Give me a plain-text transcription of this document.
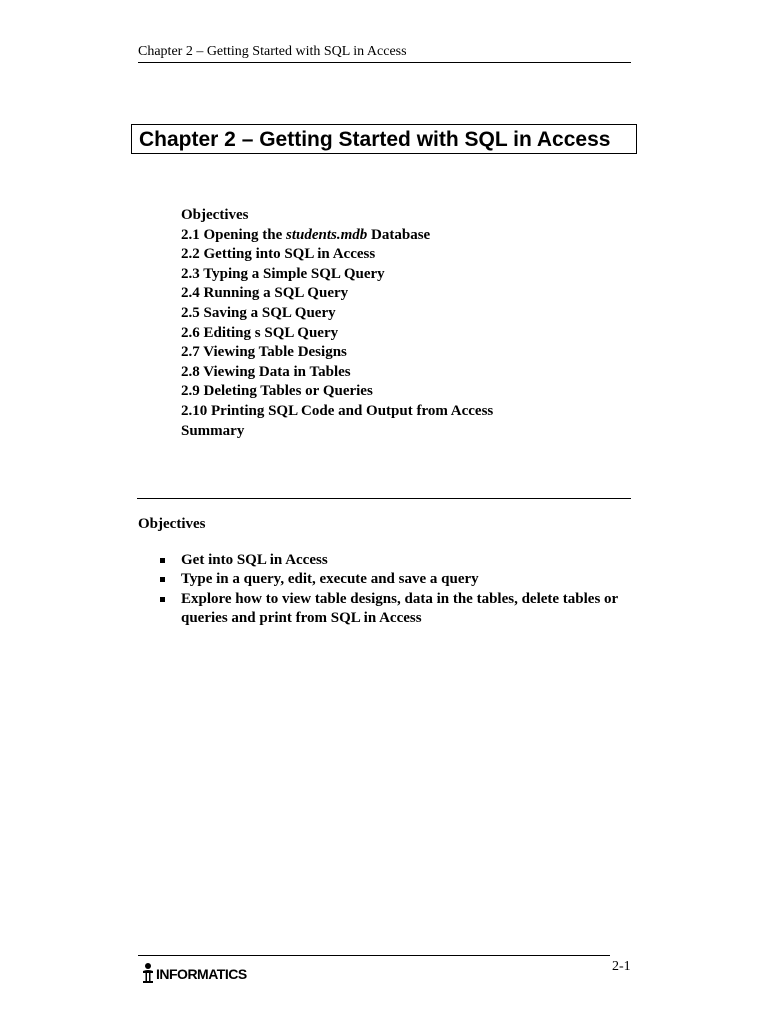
Chapter 2 – Getting Started with SQL in Access
Chapter 2 – Getting Started with SQL in Access
Objectives
2.1 Opening the students.mdb Database
2.2 Getting into SQL in Access
2.3 Typing a Simple SQL Query
2.4 Running a SQL Query
2.5 Saving a SQL Query
2.6 Editing s SQL Query
2.7 Viewing Table Designs
2.8 Viewing Data in Tables
2.9 Deleting Tables or Queries
2.10 Printing SQL Code and Output from Access
Summary
Objectives
Get into SQL in Access
Type in a query, edit, execute and save a query
Explore how to view table designs, data in the tables, delete tables or queries and print from SQL in Access
INFORMATICS	2-1
